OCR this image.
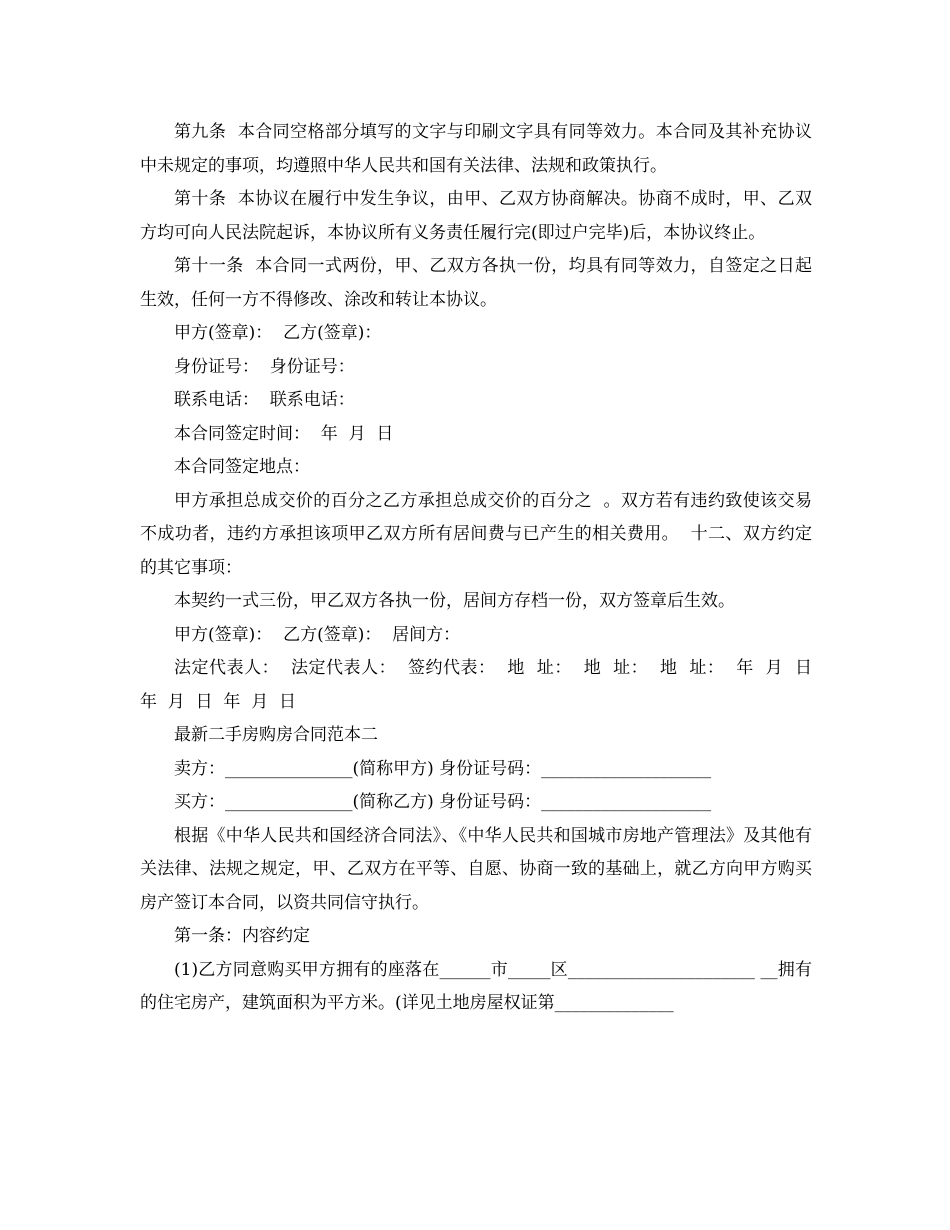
第九条  本合同空格部分填写的文字与印刷文字具有同等效力。本合同及其补充协议中未规定的事项，均遵照中华人民共和国有关法律、法规和政策执行。

第十条  本协议在履行中发生争议，由甲、乙双方协商解决。协商不成时，甲、乙双方均可向人民法院起诉，本协议所有义务责任履行完(即过户完毕)后，本协议终止。

第十一条  本合同一式两份，甲、乙双方各执一份，均具有同等效力，自签定之日起生效，任何一方不得修改、涂改和转让本协议。

甲方(签章)：  乙方(签章)：

身份证号：  身份证号：

联系电话：  联系电话：

本合同签定时间：  年  月  日

本合同签定地点：

甲方承担总成交价的百分之乙方承担总成交价的百分之  。双方若有违约致使该交易不成功者，违约方承担该项甲乙双方所有居间费与已产生的相关费用。  十二、双方约定的其它事项：

本契约一式三份，甲乙双方各执一份，居间方存档一份，双方签章后生效。

甲方(签章)：  乙方(签章)：  居间方：

法定代表人：  法定代表人：  签约代表：  地  址：  地  址：  地  址：  年  月  日  年  月  日  年  月  日

最新二手房购房合同范本二

卖方：_______________(简称甲方) 身份证号码：____________________

买方：_______________(简称乙方) 身份证号码：____________________

根据《中华人民共和国经济合同法》、《中华人民共和国城市房地产管理法》及其他有关法律、法规之规定，甲、乙双方在平等、自愿、协商一致的基础上，就乙方向甲方购买房产签订本合同，以资共同信守执行。

第一条：内容约定

(1)乙方同意购买甲方拥有的座落在______市_____区______________________ __拥有的住宅房产，建筑面积为平方米。(详见土地房屋权证第______________
